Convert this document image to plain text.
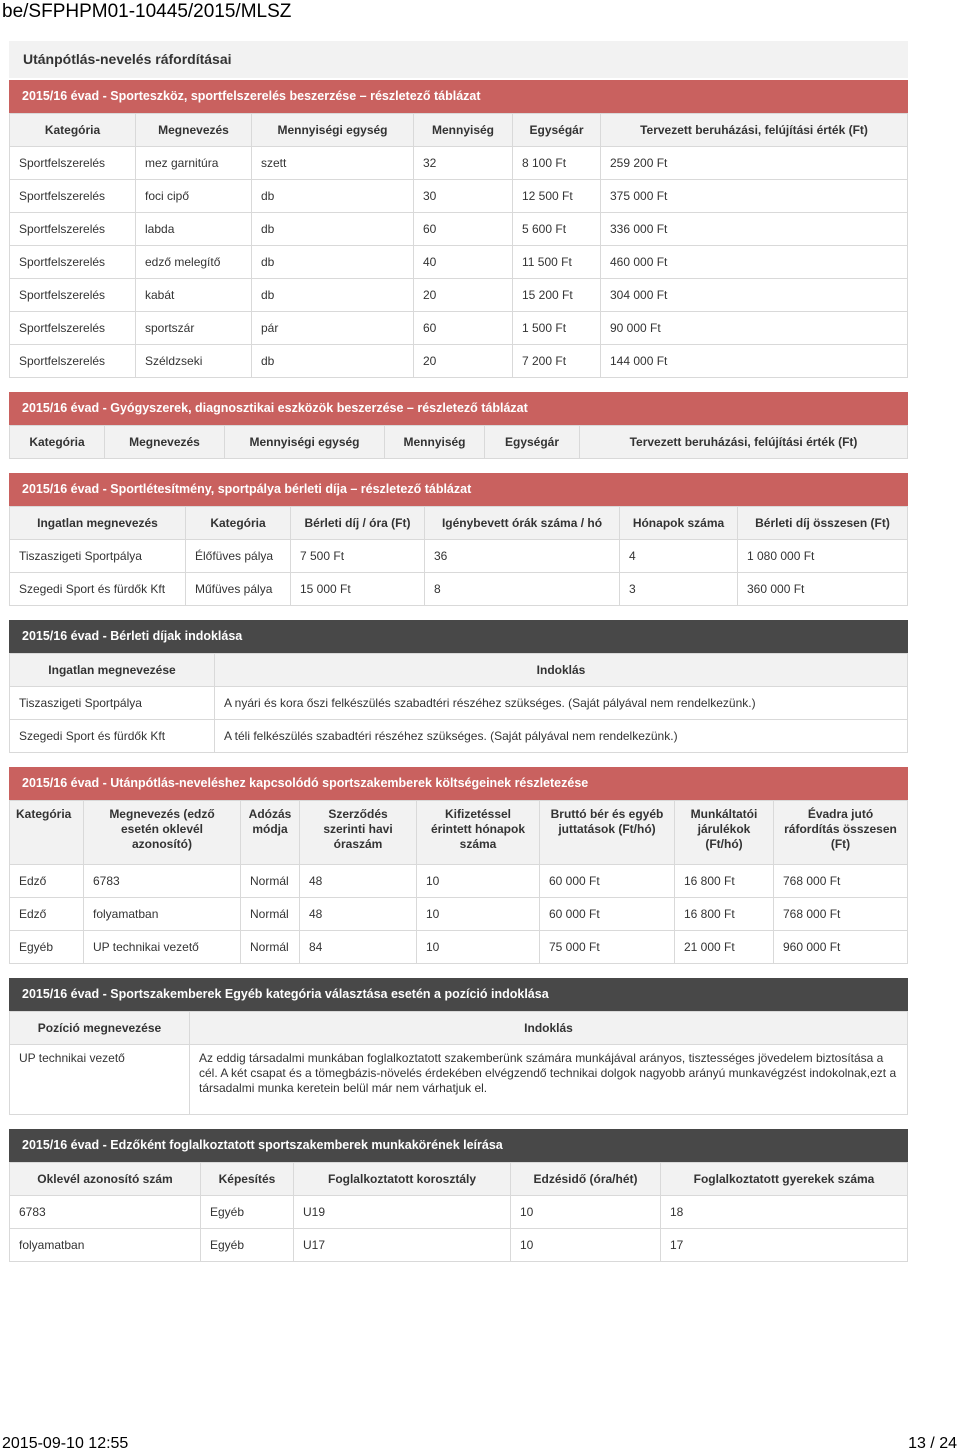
be/SFPHPM01-10445/2015/MLSZ
Utánpótlás-nevelés ráfordításai
2015/16 évad - Sporteszköz, sportfelszerelés beszerzése – részletező táblázat
Kategória	Megnevezés	Mennyiségi egység	Mennyiség	Egységár	Tervezett beruházási, felújítási érték (Ft)
Sportfelszerelés	mez garnitúra	szett	32	8 100 Ft	259 200 Ft
Sportfelszerelés	foci cipő	db	30	12 500 Ft	375 000 Ft
Sportfelszerelés	labda	db	60	5 600 Ft	336 000 Ft
Sportfelszerelés	edző melegítő	db	40	11 500 Ft	460 000 Ft
Sportfelszerelés	kabát	db	20	15 200 Ft	304 000 Ft
Sportfelszerelés	sportszár	pár	60	1 500 Ft	90 000 Ft
Sportfelszerelés	Széldzseki	db	20	7 200 Ft	144 000 Ft
2015/16 évad - Gyógyszerek, diagnosztikai eszközök beszerzése – részletező táblázat
Kategória	Megnevezés	Mennyiségi egység	Mennyiség	Egységár	Tervezett beruházási, felújítási érték (Ft)
2015/16 évad - Sportlétesítmény, sportpálya bérleti díja – részletező táblázat
Ingatlan megnevezés	Kategória	Bérleti díj / óra (Ft)	Igénybevett órák száma / hó	Hónapok száma	Bérleti díj összesen (Ft)
Tiszaszigeti Sportpálya	Élőfüves pálya	7 500 Ft	36	4	1 080 000 Ft
Szegedi Sport és fürdők Kft	Műfüves pálya	15 000 Ft	8	3	360 000 Ft
2015/16 évad - Bérleti díjak indoklása
Ingatlan megnevezése	Indoklás
Tiszaszigeti Sportpálya	A nyári és kora őszi felkészülés szabadtéri részéhez szükséges. (Saját pályával nem rendelkezünk.)
Szegedi Sport és fürdők Kft	A téli felkészülés szabadtéri részéhez szükséges. (Saját pályával nem rendelkezünk.)
2015/16 évad - Utánpótlás-neveléshez kapcsolódó sportszakemberek költségeinek részletezése
Kategória	Megnevezés (edző esetén oklevél azonosító)	Adózás módja	Szerződés szerinti havi óraszám	Kifizetéssel érintett hónapok száma	Bruttó bér és egyéb juttatások (Ft/hó)	Munkáltatói járulékok (Ft/hó)	Évadra jutó ráfordítás összesen (Ft)
Edző	6783	Normál	48	10	60 000 Ft	16 800 Ft	768 000 Ft
Edző	folyamatban	Normál	48	10	60 000 Ft	16 800 Ft	768 000 Ft
Egyéb	UP technikai vezető	Normál	84	10	75 000 Ft	21 000 Ft	960 000 Ft
2015/16 évad - Sportszakemberek Egyéb kategória választása esetén a pozíció indoklása
Pozíció megnevezése	Indoklás
UP technikai vezető	Az eddig társadalmi munkában foglalkoztatott szakemberünk számára munkájával arányos, tisztességes jövedelem biztosítása a cél. A két csapat és a tömegbázis-növelés érdekében elvégzendő technikai dolgok nagyobb arányú munkavégzést indokolnak,ezt a társadalmi munka keretein belül már nem várhatjuk el.
2015/16 évad - Edzőként foglalkoztatott sportszakemberek munkakörének leírása
Oklevél azonosító szám	Képesítés	Foglalkoztatott korosztály	Edzésidő (óra/hét)	Foglalkoztatott gyerekek száma
6783	Egyéb	U19	10	18
folyamatban	Egyéb	U17	10	17
2015-09-10 12:55	13 / 24
